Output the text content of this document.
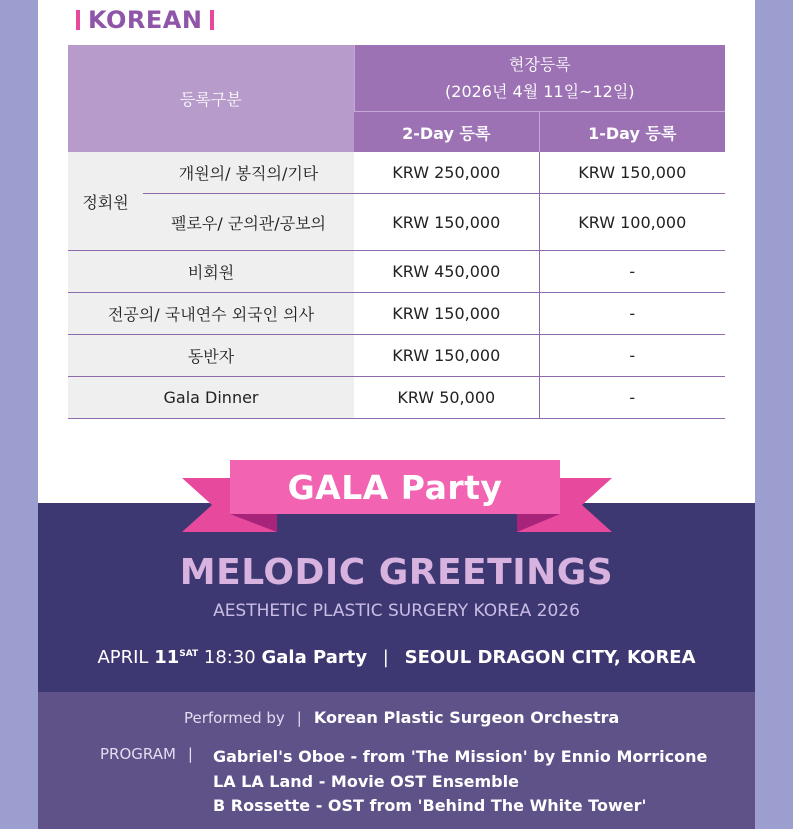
KOREAN
등록구분		현장등록
(2026년 4월 11일~12일)	

		2-Day 등록	1-Day 등록
정회원	개원의/ 봉직의/기타	KRW 250,000	KRW 150,000
	펠로우/ 군의관/공보의	KRW 150,000	KRW 100,000
비회원		KRW 450,000	-
전공의/ 국내연수 외국인 의사		KRW 150,000	-
동반자		KRW 150,000	-
Gala Dinner		KRW 50,000	-
GALA Party
MELODIC GREETINGS
AESTHETIC PLASTIC SURGERY KOREA 2026
APRIL $11^{SAT}$ 18:30 Gala Party | SEOUL DRAGON CITY, KOREA
Performed by | Korean Plastic Surgeon Orchestra
PROGRAM | Gabriel's Oboe - from 'The Mission' by Ennio Morricone
LA LA Land - Movie OST Ensemble
B Rossette - OST from 'Behind The White Tower'
